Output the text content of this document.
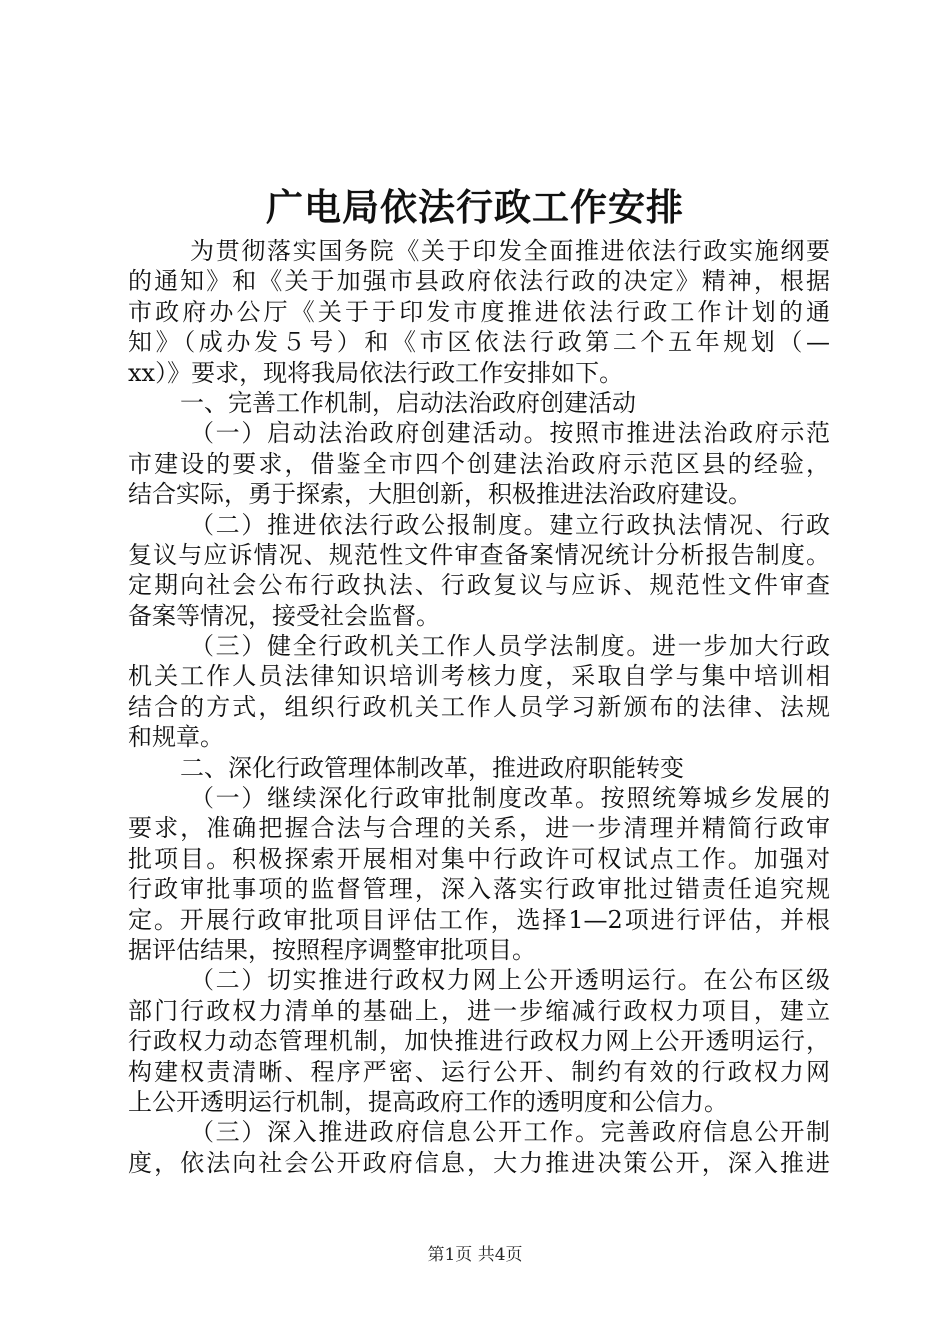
广电局依法行政工作安排
为贯彻落实国务院《关于印发全面推进依法行政实施纲要
的通知》和《关于加强市县政府依法行政的决定》精神，根据
市政府办公厅《关于于印发市度推进依法行政工作计划的通
知》（成办发５号）和《市区依法行政第二个五年规划（—
xx）》要求，现将我局依法行政工作安排如下。
一、完善工作机制，启动法治政府创建活动
（一）启动法治政府创建活动。按照市推进法治政府示范
市建设的要求，借鉴全市四个创建法治政府示范区县的经验，
结合实际，勇于探索，大胆创新，积极推进法治政府建设。
（二）推进依法行政公报制度。建立行政执法情况、行政
复议与应诉情况、规范性文件审查备案情况统计分析报告制度。
定期向社会公布行政执法、行政复议与应诉、规范性文件审查
备案等情况，接受社会监督。
（三）健全行政机关工作人员学法制度。进一步加大行政
机关工作人员法律知识培训考核力度，采取自学与集中培训相
结合的方式，组织行政机关工作人员学习新颁布的法律、法规
和规章。
二、深化行政管理体制改革，推进政府职能转变
（一）继续深化行政审批制度改革。按照统筹城乡发展的
要求，准确把握合法与合理的关系，进一步清理并精简行政审
批项目。积极探索开展相对集中行政许可权试点工作。加强对
行政审批事项的监督管理，深入落实行政审批过错责任追究规
定。开展行政审批项目评估工作，选择1—2项进行评估，并根
据评估结果，按照程序调整审批项目。
（二）切实推进行政权力网上公开透明运行。在公布区级
部门行政权力清单的基础上，进一步缩减行政权力项目，建立
行政权力动态管理机制，加快推进行政权力网上公开透明运行，
构建权责清晰、程序严密、运行公开、制约有效的行政权力网
上公开透明运行机制，提高政府工作的透明度和公信力。
（三）深入推进政府信息公开工作。完善政府信息公开制
度，依法向社会公开政府信息，大力推进决策公开，深入推进
第1页 共4页
